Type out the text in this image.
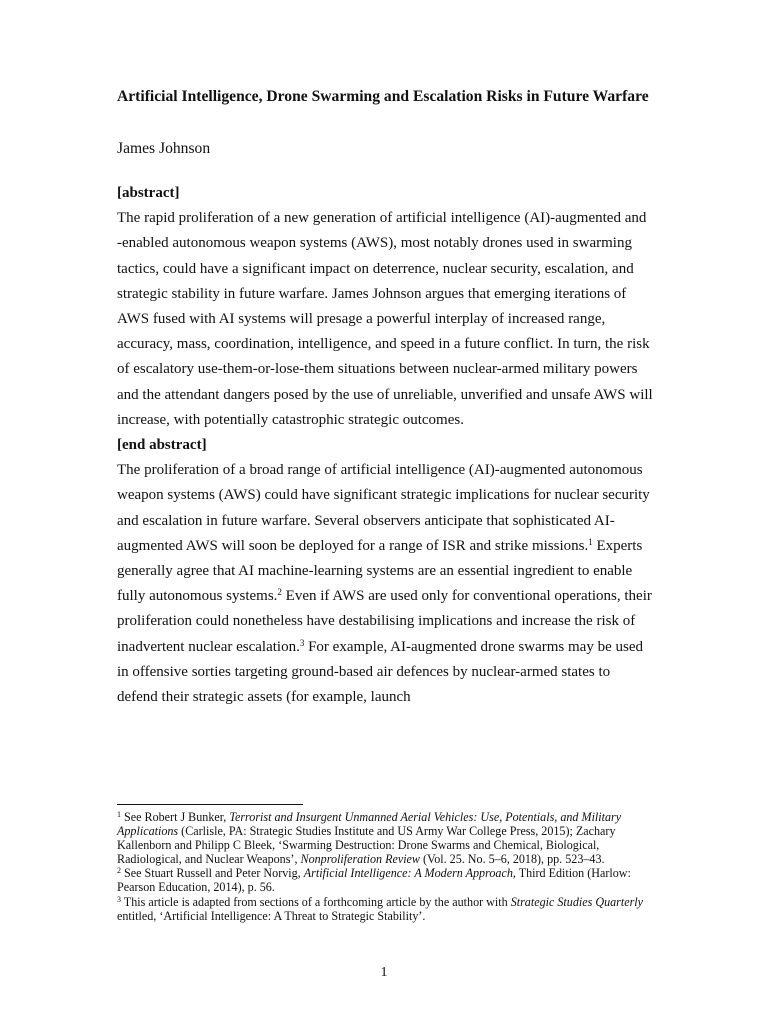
Artificial Intelligence, Drone Swarming and Escalation Risks in Future Warfare

James Johnson

[abstract]

The rapid proliferation of a new generation of artificial intelligence (AI)-augmented and -enabled autonomous weapon systems (AWS), most notably drones used in swarming tactics, could have a significant impact on deterrence, nuclear security, escalation, and strategic stability in future warfare. James Johnson argues that emerging iterations of AWS fused with AI systems will presage a powerful interplay of increased range, accuracy, mass, coordination, intelligence, and speed in a future conflict. In turn, the risk of escalatory use-them-or-lose-them situations between nuclear-armed military powers and the attendant dangers posed by the use of unreliable, unverified and unsafe AWS will increase, with potentially catastrophic strategic outcomes.

[end abstract]

The proliferation of a broad range of artificial intelligence (AI)-augmented autonomous weapon systems (AWS) could have significant strategic implications for nuclear security and escalation in future warfare. Several observers anticipate that sophisticated AI-augmented AWS will soon be deployed for a range of ISR and strike missions.$^1$ Experts generally agree that AI machine-learning systems are an essential ingredient to enable fully autonomous systems.$^2$ Even if AWS are used only for conventional operations, their proliferation could nonetheless have destabilising implications and increase the risk of inadvertent nuclear escalation.$^3$ For example, AI-augmented drone swarms may be used in offensive sorties targeting ground-based air defences by nuclear-armed states to defend their strategic assets (for example, launch

$^1$ See Robert J Bunker, Terrorist and Insurgent Unmanned Aerial Vehicles: Use, Potentials, and Military Applications (Carlisle, PA: Strategic Studies Institute and US Army War College Press, 2015); Zachary Kallenborn and Philipp C Bleek, ‘Swarming Destruction: Drone Swarms and Chemical, Biological, Radiological, and Nuclear Weapons’, Nonproliferation Review (Vol. 25. No. 5–6, 2018), pp. 523–43.

$^2$ See Stuart Russell and Peter Norvig, Artificial Intelligence: A Modern Approach, Third Edition (Harlow: Pearson Education, 2014), p. 56.

$^3$ This article is adapted from sections of a forthcoming article by the author with Strategic Studies Quarterly entitled, ‘Artificial Intelligence: A Threat to Strategic Stability’.

1
